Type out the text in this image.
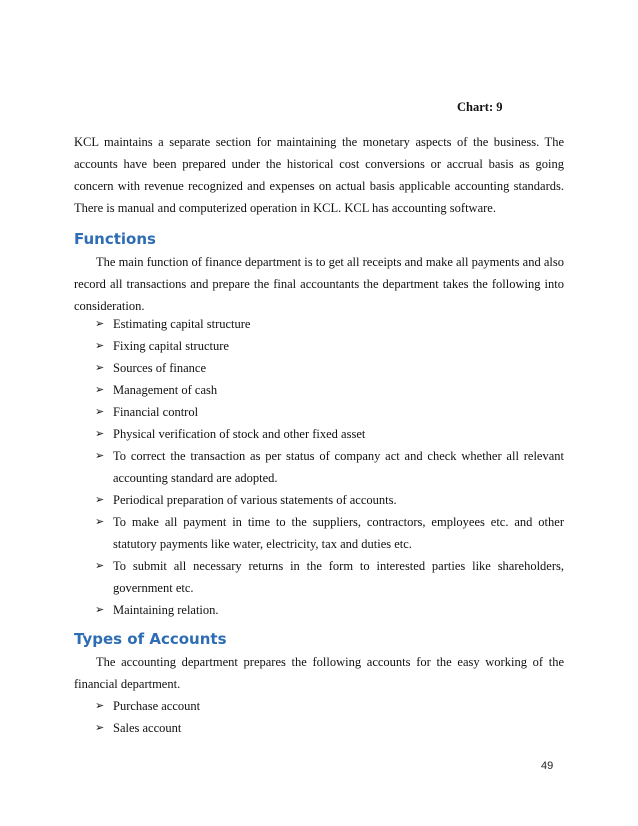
Chart: 9

KCL maintains a separate section for maintaining the monetary aspects of the business. The accounts have been prepared under the historical cost conversions or accrual basis as going concern with revenue recognized and expenses on actual basis applicable accounting standards. There is manual and computerized operation in KCL. KCL has accounting software.

Functions

The main function of finance department is to get all receipts and make all payments and also record all transactions and prepare the final accountants the department takes the following into consideration.

➢ Estimating capital structure
➢ Fixing capital structure
➢ Sources of finance
➢ Management of cash
➢ Financial control
➢ Physical verification of stock and other fixed asset
➢ To correct the transaction as per status of company act and check whether all relevant accounting standard are adopted.
➢ Periodical preparation of various statements of accounts.
➢ To make all payment in time to the suppliers, contractors, employees etc. and other statutory payments like water, electricity, tax and duties etc.
➢ To submit all necessary returns in the form to interested parties like shareholders, government etc.
➢ Maintaining relation.
Types of Accounts

The accounting department prepares the following accounts for the easy working of the financial department.

➢ Purchase account
➢ Sales account
49
